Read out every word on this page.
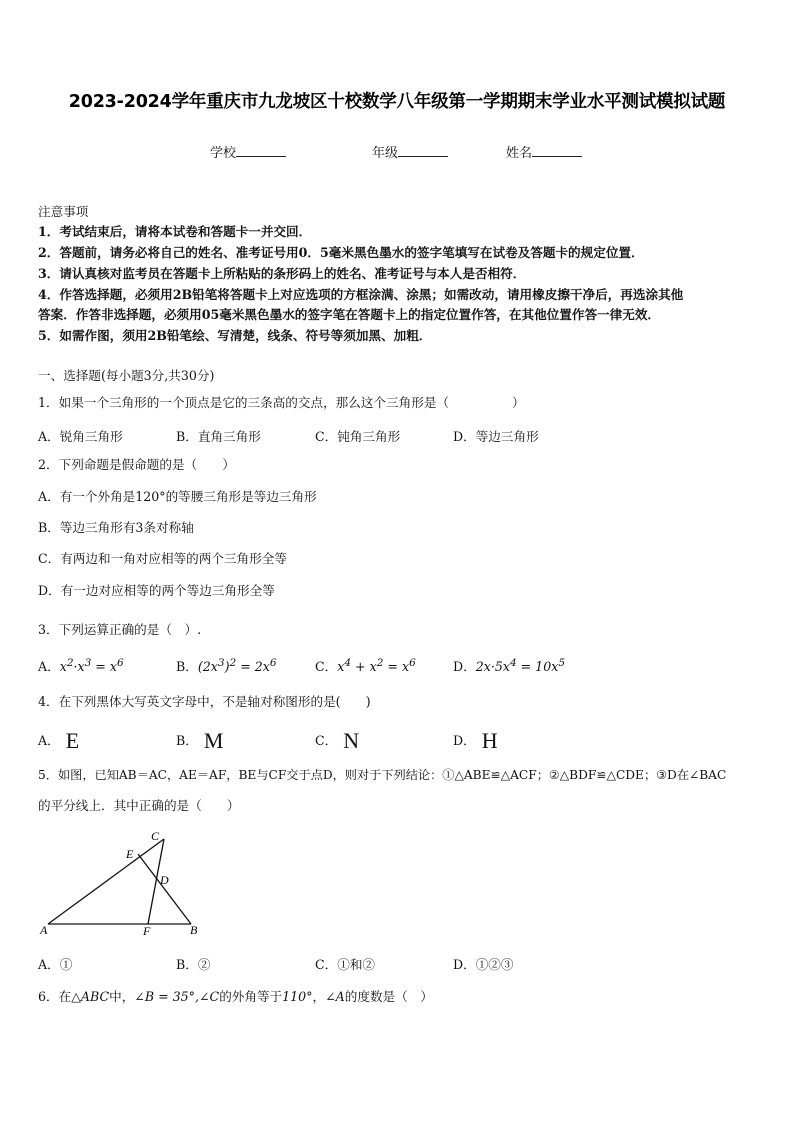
2023-2024学年重庆市九龙坡区十校数学八年级第一学期期末学业水平测试模拟试题
学校	年级	姓名
注意事项
1．考试结束后，请将本试卷和答题卡一并交回．
2．答题前，请务必将自己的姓名、准考证号用0．5毫米黑色墨水的签字笔填写在试卷及答题卡的规定位置．
3．请认真核对监考员在答题卡上所粘贴的条形码上的姓名、准考证号与本人是否相符．
4．作答选择题，必须用2B铅笔将答题卡上对应选项的方框涂满、涂黑；如需改动，请用橡皮擦干净后，再选涂其他
答案．作答非选择题，必须用05毫米黑色墨水的签字笔在答题卡上的指定位置作答，在其他位置作答一律无效．
5．如需作图，须用2B铅笔绘、写清楚，线条、符号等须加黑、加粗．
一、选择题(每小题3分,共30分)
1．如果一个三角形的一个顶点是它的三条高的交点，那么这个三角形是（　　　　　）
A．锐角三角形	B．直角三角形	C．钝角三角形	D．等边三角形
2．下列命题是假命题的是（　　）
A．有一个外角是120°的等腰三角形是等边三角形
B．等边三角形有3条对称轴
C．有两边和一角对应相等的两个三角形全等
D．有一边对应相等的两个等边三角形全等
3．下列运算正确的是（　）.
A．$x^2\cdot x^3 = x^6$	B．$(2x^3)^2 = 2x^6$	C．$x^4 + x^2 = x^6$	D．$2x\cdot 5x^4 = 10x^5$
4．在下列黑体大写英文字母中，不是轴对称图形的是(　　)
A． E	B． M	C． N	D． H
5．如图，已知AB＝AC，AE＝AF，BE与CF交于点D，则对于下列结论：①△ABE≌△ACF；②△BDF≌△CDE；③D在∠BAC
的平分线上．其中正确的是（　　）
C
E
D
A	F	B
A．①	B．②	C．①和②	D．①②③
6．在△ABC中，∠B = 35°,∠C的外角等于110°，∠A的度数是（　）
